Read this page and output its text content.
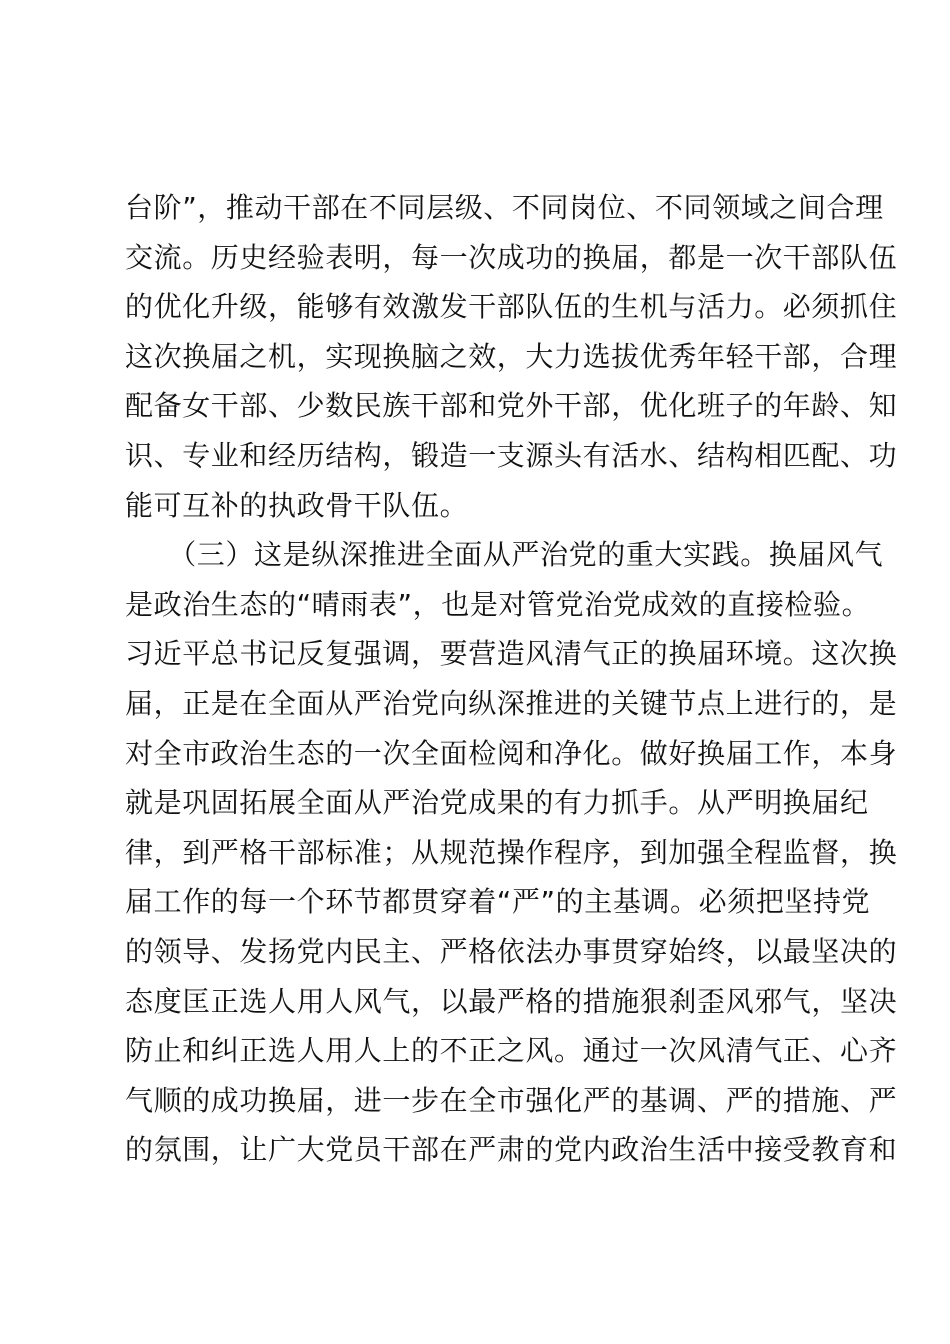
台阶”，推动干部在不同层级、不同岗位、不同领域之间合理
交流。历史经验表明，每一次成功的换届，都是一次干部队伍
的优化升级，能够有效激发干部队伍的生机与活力。必须抓住
这次换届之机，实现换脑之效，大力选拔优秀年轻干部，合理
配备女干部、少数民族干部和党外干部，优化班子的年龄、知
识、专业和经历结构，锻造一支源头有活水、结构相匹配、功
能可互补的执政骨干队伍。
　　（三）这是纵深推进全面从严治党的重大实践。换届风气
是政治生态的“晴雨表”，也是对管党治党成效的直接检验。
习近平总书记反复强调，要营造风清气正的换届环境。这次换
届，正是在全面从严治党向纵深推进的关键节点上进行的，是
对全市政治生态的一次全面检阅和净化。做好换届工作，本身
就是巩固拓展全面从严治党成果的有力抓手。从严明换届纪
律，到严格干部标准；从规范操作程序，到加强全程监督，换
届工作的每一个环节都贯穿着“严”的主基调。必须把坚持党
的领导、发扬党内民主、严格依法办事贯穿始终，以最坚决的
态度匡正选人用人风气，以最严格的措施狠刹歪风邪气，坚决
防止和纠正选人用人上的不正之风。通过一次风清气正、心齐
气顺的成功换届，进一步在全市强化严的基调、严的措施、严
的氛围，让广大党员干部在严肃的党内政治生活中接受教育和
